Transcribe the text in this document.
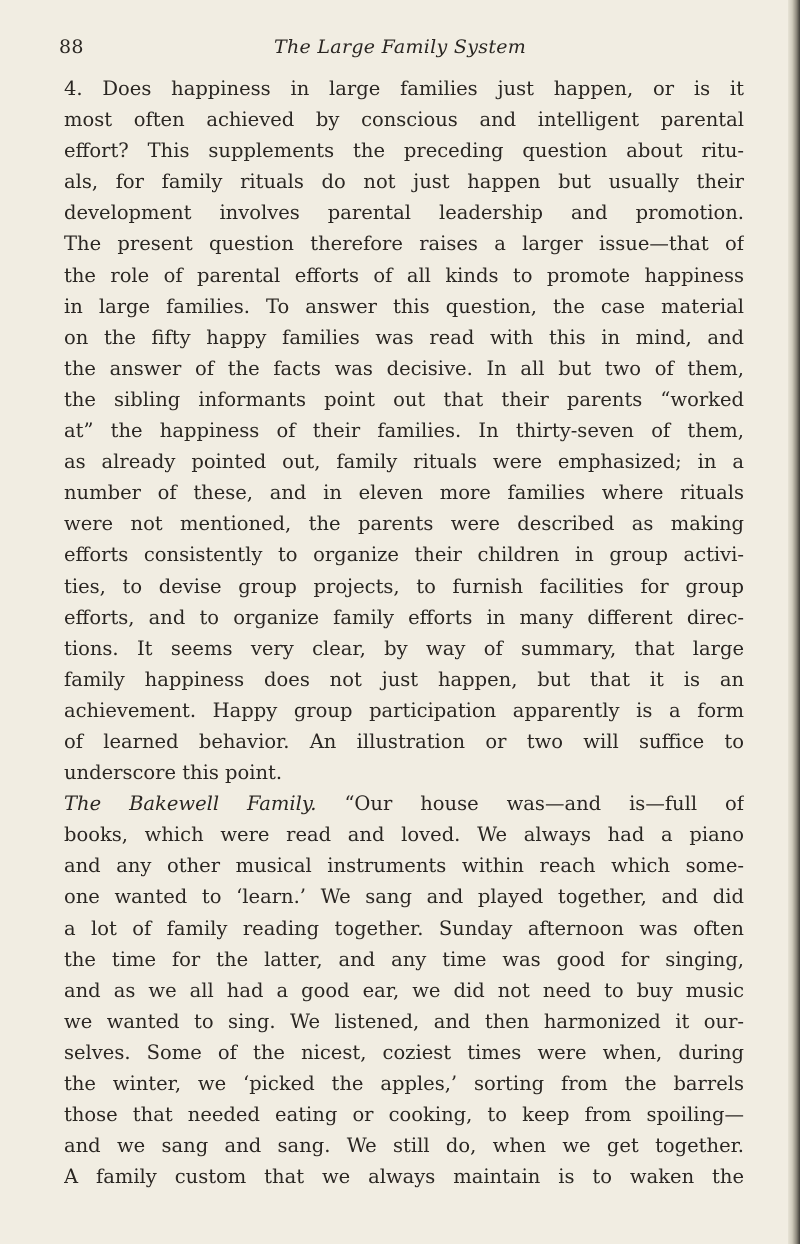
88	The Large Family System
4. Does happiness in large families just happen, or is it
most often achieved by conscious and intelligent parental
effort? This supplements the preceding question about ritu-
als, for family rituals do not just happen but usually their
development involves parental leadership and promotion.
The present question therefore raises a larger issue—that of
the role of parental efforts of all kinds to promote happiness
in large families. To answer this question, the case material
on the fifty happy families was read with this in mind, and
the answer of the facts was decisive. In all but two of them,
the sibling informants point out that their parents “worked
at” the happiness of their families. In thirty-seven of them,
as already pointed out, family rituals were emphasized; in a
number of these, and in eleven more families where rituals
were not mentioned, the parents were described as making
efforts consistently to organize their children in group activi-
ties, to devise group projects, to furnish facilities for group
efforts, and to organize family efforts in many different direc-
tions. It seems very clear, by way of summary, that large
family happiness does not just happen, but that it is an
achievement. Happy group participation apparently is a form
of learned behavior. An illustration or two will suffice to
underscore this point.
The Bakewell Family. “Our house was—and is—full of
books, which were read and loved. We always had a piano
and any other musical instruments within reach which some-
one wanted to ‘learn.’ We sang and played together, and did
a lot of family reading together. Sunday afternoon was often
the time for the latter, and any time was good for singing,
and as we all had a good ear, we did not need to buy music
we wanted to sing. We listened, and then harmonized it our-
selves. Some of the nicest, coziest times were when, during
the winter, we ‘picked the apples,’ sorting from the barrels
those that needed eating or cooking, to keep from spoiling—
and we sang and sang. We still do, when we get together.
A family custom that we always maintain is to waken the
